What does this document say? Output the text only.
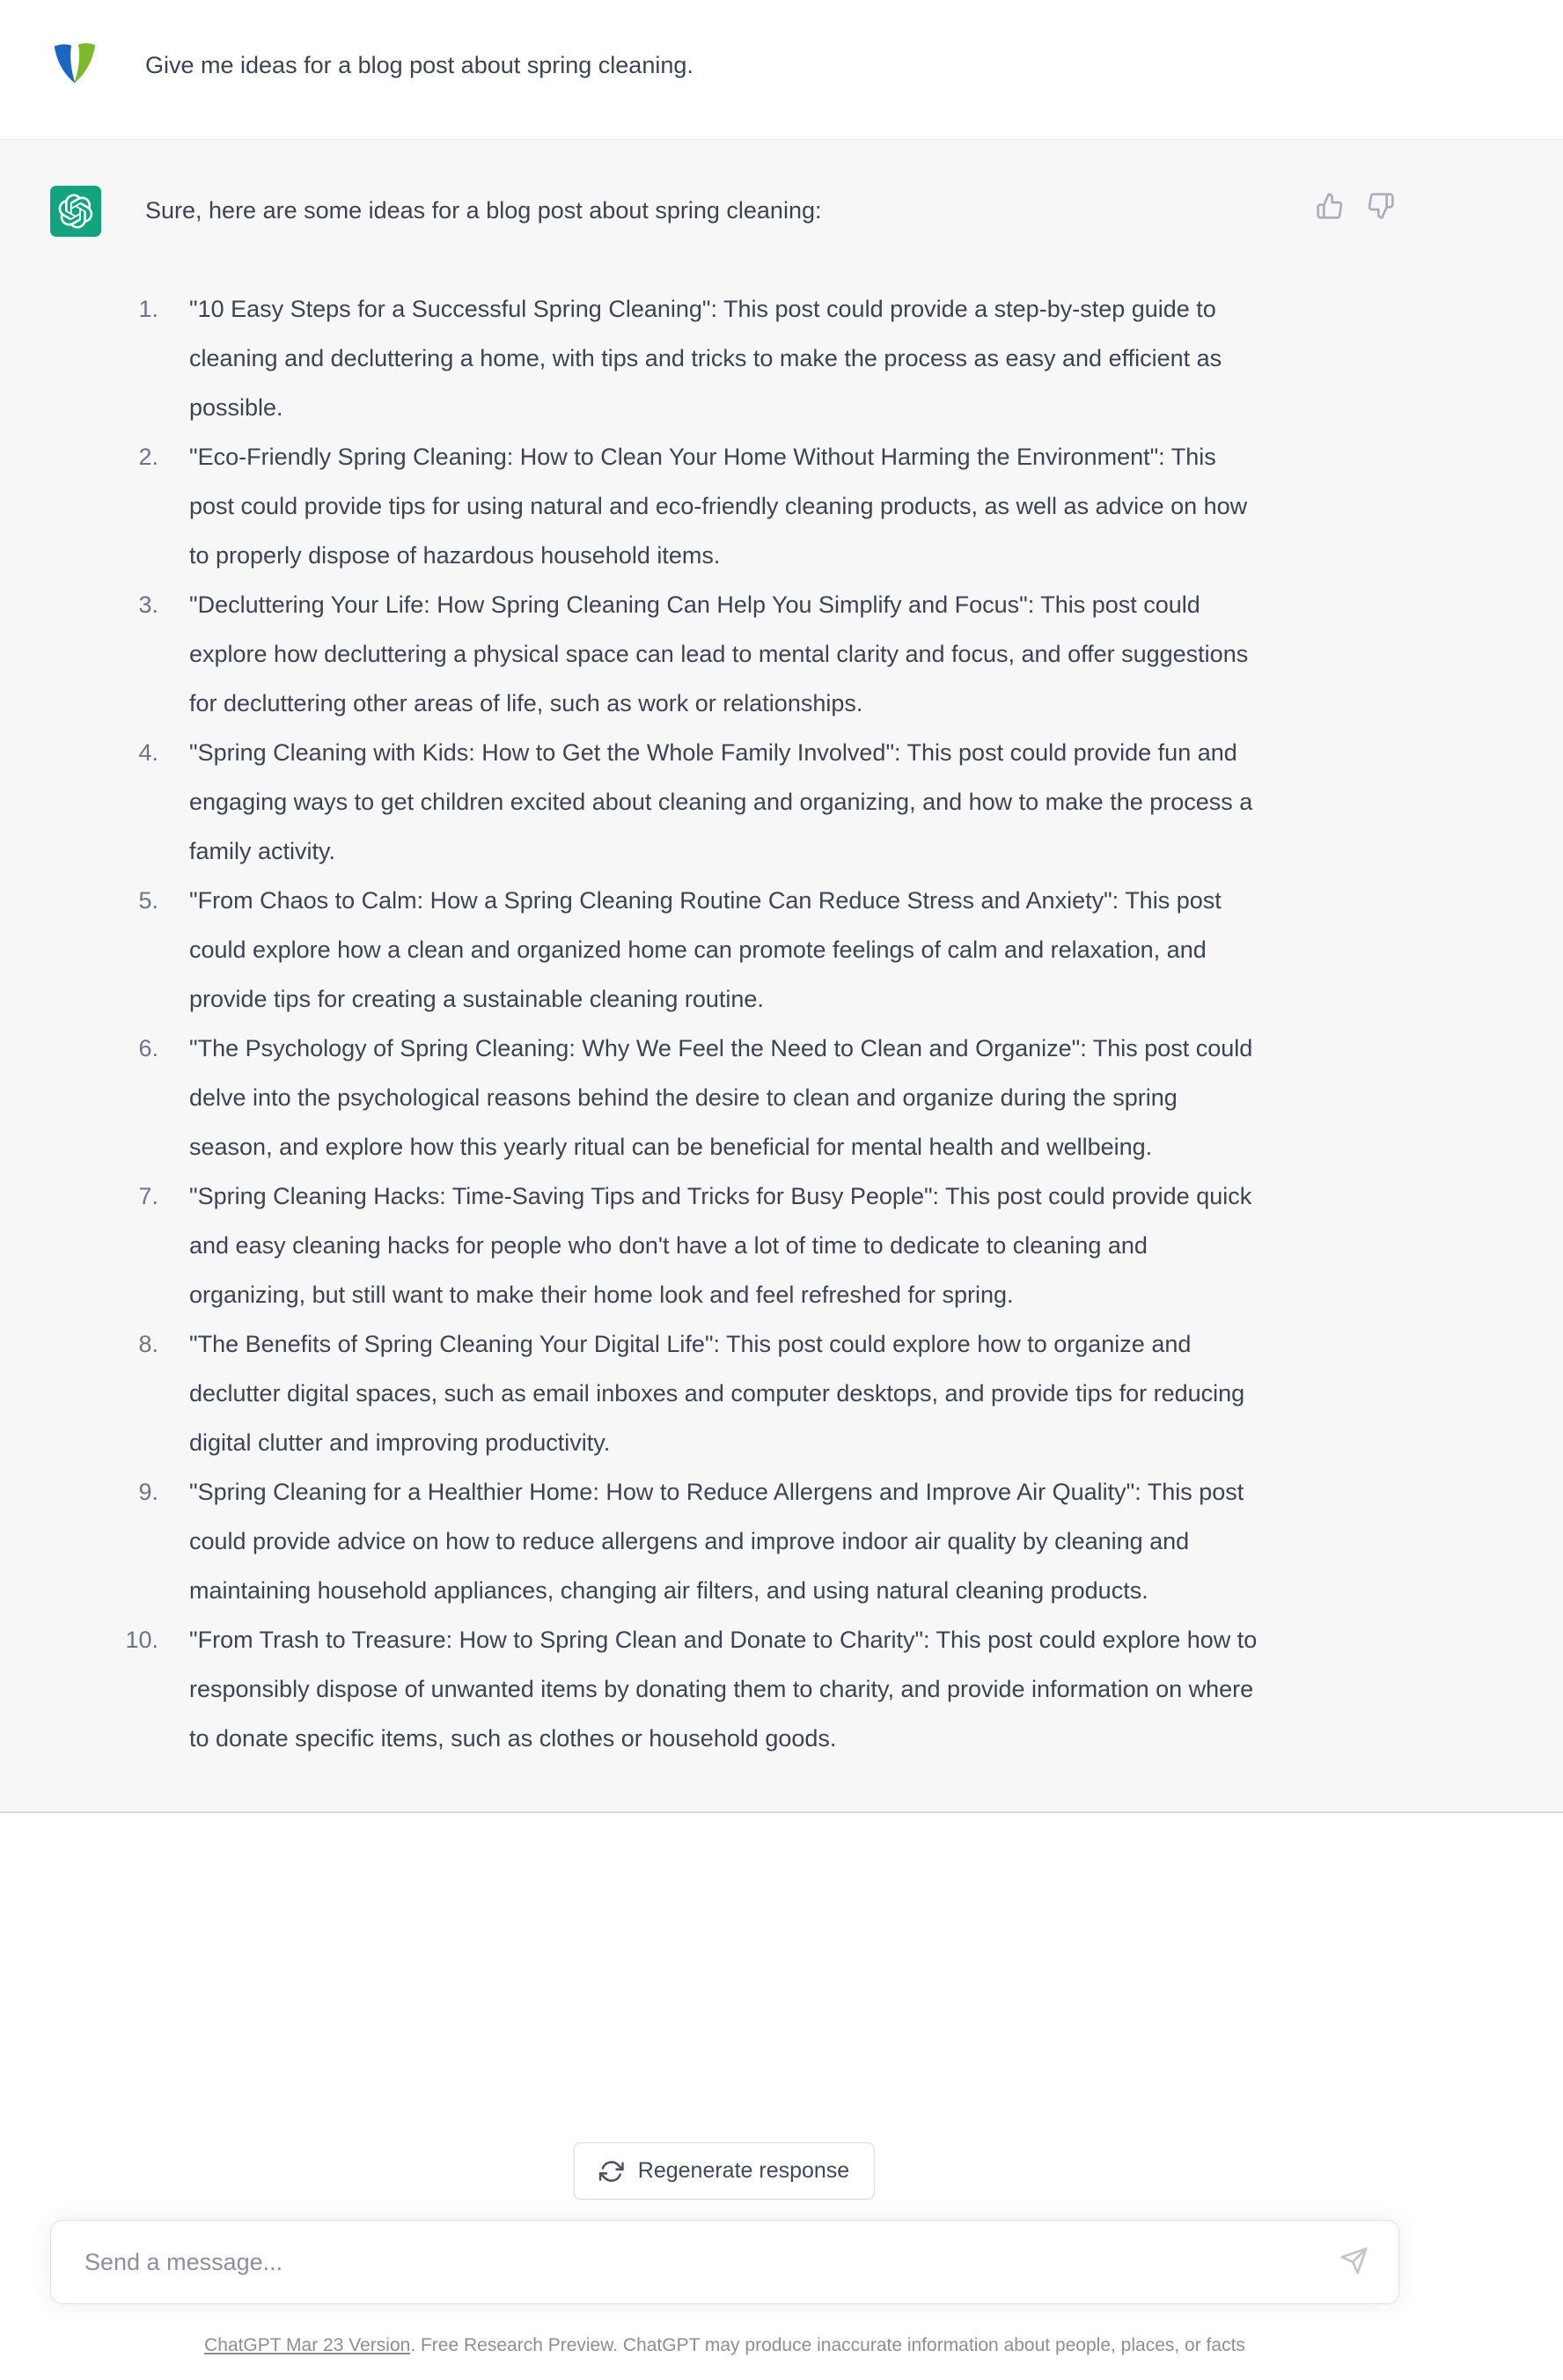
Give me ideas for a blog post about spring cleaning.

Sure, here are some ideas for a blog post about spring cleaning:

1. "10 Easy Steps for a Successful Spring Cleaning": This post could provide a step-by-step guide to cleaning and decluttering a home, with tips and tricks to make the process as easy and efficient as possible.
2. "Eco-Friendly Spring Cleaning: How to Clean Your Home Without Harming the Environment": This post could provide tips for using natural and eco-friendly cleaning products, as well as advice on how to properly dispose of hazardous household items.
3. "Decluttering Your Life: How Spring Cleaning Can Help You Simplify and Focus": This post could explore how decluttering a physical space can lead to mental clarity and focus, and offer suggestions for decluttering other areas of life, such as work or relationships.
4. "Spring Cleaning with Kids: How to Get the Whole Family Involved": This post could provide fun and engaging ways to get children excited about cleaning and organizing, and how to make the process a family activity.
5. "From Chaos to Calm: How a Spring Cleaning Routine Can Reduce Stress and Anxiety": This post could explore how a clean and organized home can promote feelings of calm and relaxation, and provide tips for creating a sustainable cleaning routine.
6. "The Psychology of Spring Cleaning: Why We Feel the Need to Clean and Organize": This post could delve into the psychological reasons behind the desire to clean and organize during the spring season, and explore how this yearly ritual can be beneficial for mental health and wellbeing.
7. "Spring Cleaning Hacks: Time-Saving Tips and Tricks for Busy People": This post could provide quick and easy cleaning hacks for people who don't have a lot of time to dedicate to cleaning and organizing, but still want to make their home look and feel refreshed for spring.
8. "The Benefits of Spring Cleaning Your Digital Life": This post could explore how to organize and declutter digital spaces, such as email inboxes and computer desktops, and provide tips for reducing digital clutter and improving productivity.
9. "Spring Cleaning for a Healthier Home: How to Reduce Allergens and Improve Air Quality": This post could provide advice on how to reduce allergens and improve indoor air quality by cleaning and maintaining household appliances, changing air filters, and using natural cleaning products.
10. "From Trash to Treasure: How to Spring Clean and Donate to Charity": This post could explore how to responsibly dispose of unwanted items by donating them to charity, and provide information on where to donate specific items, such as clothes or household goods.
Regenerate response
Send a message...
ChatGPT Mar 23 Version. Free Research Preview. ChatGPT may produce inaccurate information about people, places, or facts
